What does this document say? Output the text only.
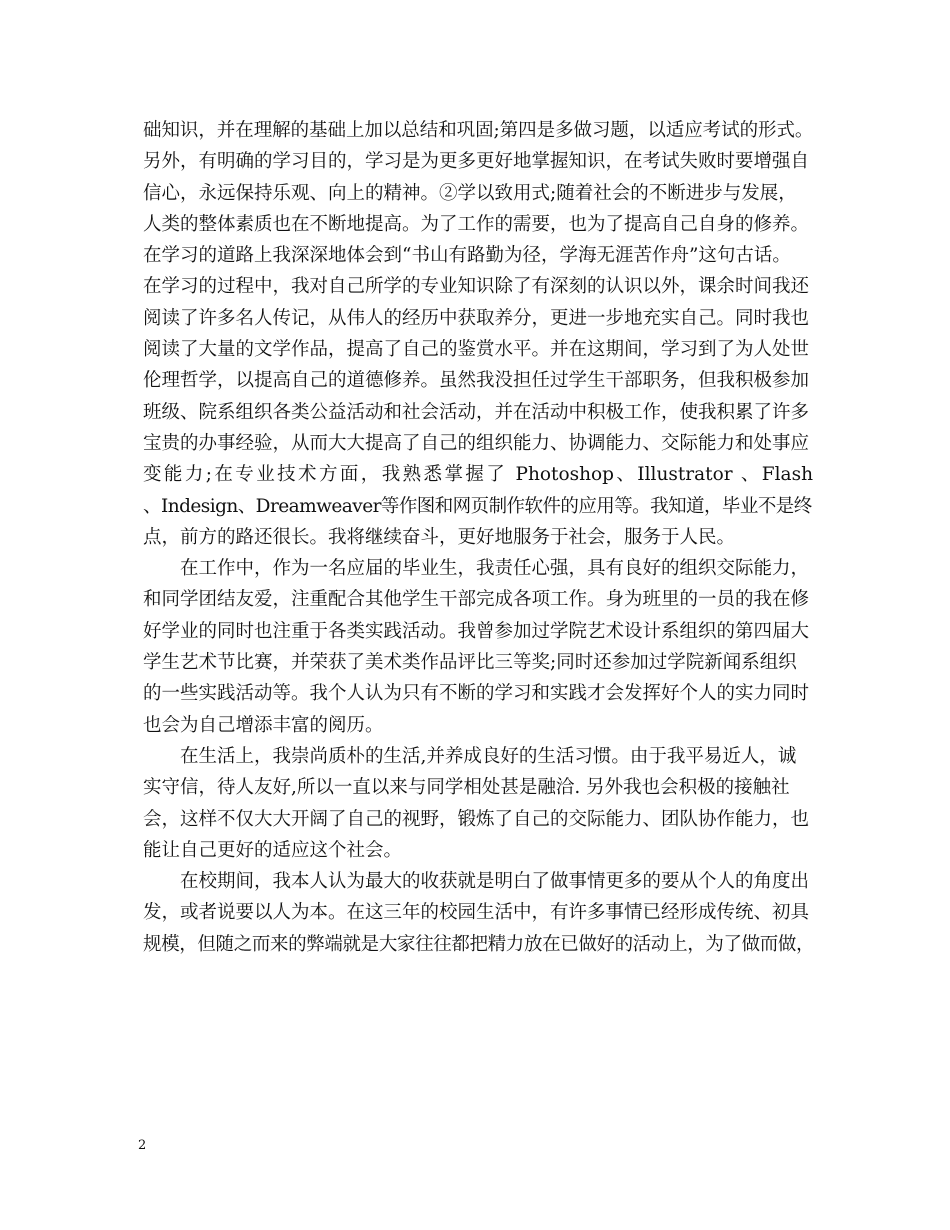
础知识，并在理解的基础上加以总结和巩固;第四是多做习题，以适应考试的形式。
另外，有明确的学习目的，学习是为更多更好地掌握知识，在考试失败时要增强自
信心，永远保持乐观、向上的精神。②学以致用式;随着社会的不断进步与发展，
人类的整体素质也在不断地提高。为了工作的需要，也为了提高自己自身的修养。
在学习的道路上我深深地体会到“书山有路勤为径，学海无涯苦作舟”这句古话。
在学习的过程中，我对自己所学的专业知识除了有深刻的认识以外，课余时间我还
阅读了许多名人传记，从伟人的经历中获取养分，更进一步地充实自己。同时我也
阅读了大量的文学作品，提高了自己的鉴赏水平。并在这期间，学习到了为人处世
伦理哲学，以提高自己的道德修养。虽然我没担任过学生干部职务，但我积极参加
班级、院系组织各类公益活动和社会活动，并在活动中积极工作，使我积累了许多
宝贵的办事经验，从而大大提高了自己的组织能力、协调能力、交际能力和处事应
变能力;在专业技术方面，我熟悉掌握了 Photoshop、Illustrator 、Flash
、Indesign、Dreamweaver等作图和网页制作软件的应用等。我知道，毕业不是终
点，前方的路还很长。我将继续奋斗，更好地服务于社会，服务于人民。
在工作中，作为一名应届的毕业生，我责任心强，具有良好的组织交际能力，
和同学团结友爱，注重配合其他学生干部完成各项工作。身为班里的一员的我在修
好学业的同时也注重于各类实践活动。我曾参加过学院艺术设计系组织的第四届大
学生艺术节比赛，并荣获了美术类作品评比三等奖;同时还参加过学院新闻系组织
的一些实践活动等。我个人认为只有不断的学习和实践才会发挥好个人的实力同时
也会为自己增添丰富的阅历。
在生活上，我崇尚质朴的生活,并养成良好的生活习惯。由于我平易近人，诚
实守信，待人友好,所以一直以来与同学相处甚是融洽. 另外我也会积极的接触社
会，这样不仅大大开阔了自己的视野，锻炼了自己的交际能力、团队协作能力，也
能让自己更好的适应这个社会。
在校期间，我本人认为最大的收获就是明白了做事情更多的要从个人的角度出
发，或者说要以人为本。在这三年的校园生活中，有许多事情已经形成传统、初具
规模，但随之而来的弊端就是大家往往都把精力放在已做好的活动上，为了做而做，
2
